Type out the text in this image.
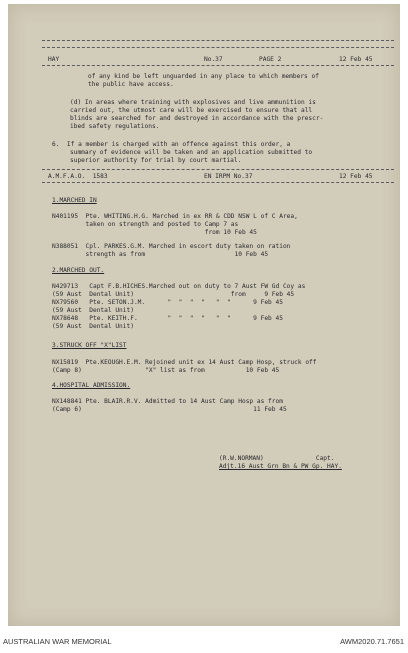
HAY	No.37	PAGE 2	12 Feb 45

of any kind be left unguarded in any place to which members of

the public have access.

(d) In areas where training with explosives and live ammunition is

carried out, the utmost care will be exercised to ensure that all

blinds are searched for and destroyed in accordance with the prescr-

ibed safety regulations.

6.  If a member is charged with an offence against this order, a

summary of evidence will be taken and an application submitted to

superior authority for trial by court martial.

A.M.F.A.O.  1583	EN IRPM No.37	12 Feb 45

1.MARCHED IN

N401195  Pte. WHITING.H.G. Marched in ex RR & CDD NSW L of C Area,

taken on strength and posted to Camp 7 as

from 10 Feb 45

N388051  Cpl. PARKES.G.M. Marched in escort duty taken on ration

strength as from                        10 Feb 45

2.MARCHED OUT.

N429713   Capt F.B.HICHES.Marched out on duty to 7 Aust FW Gd Coy as

(59 Aust  Dental Unit)                          from     9 Feb 45

NX79560   Pte. SETON.J.M.      "  "  "  "   "  "      9 Feb 45

(59 Aust  Dental Unit)

NX78648   Pte. KEITH.F.        "  "  "  "   "  "      9 Feb 45

(59 Aust  Dental Unit)

3.STRUCK OFF "X"LIST

NX15819  Pte.KEOUGH.E.M. Rejoined unit ex 14 Aust Camp Hosp, struck off

(Camp 8)                 "X" list as from           10 Feb 45

4.HOSPITAL ADMISSION.

NX148841 Pte. BLAIR.R.V. Admitted to 14 Aust Camp Hosp as from

(Camp 6)                                              11 Feb 45

(R.W.NORMAN)              Capt.

Adjt.16 Aust Grn Bn & PW Gp. HAY.

AUSTRALIAN WAR MEMORIAL	AWM2020.71.7651
